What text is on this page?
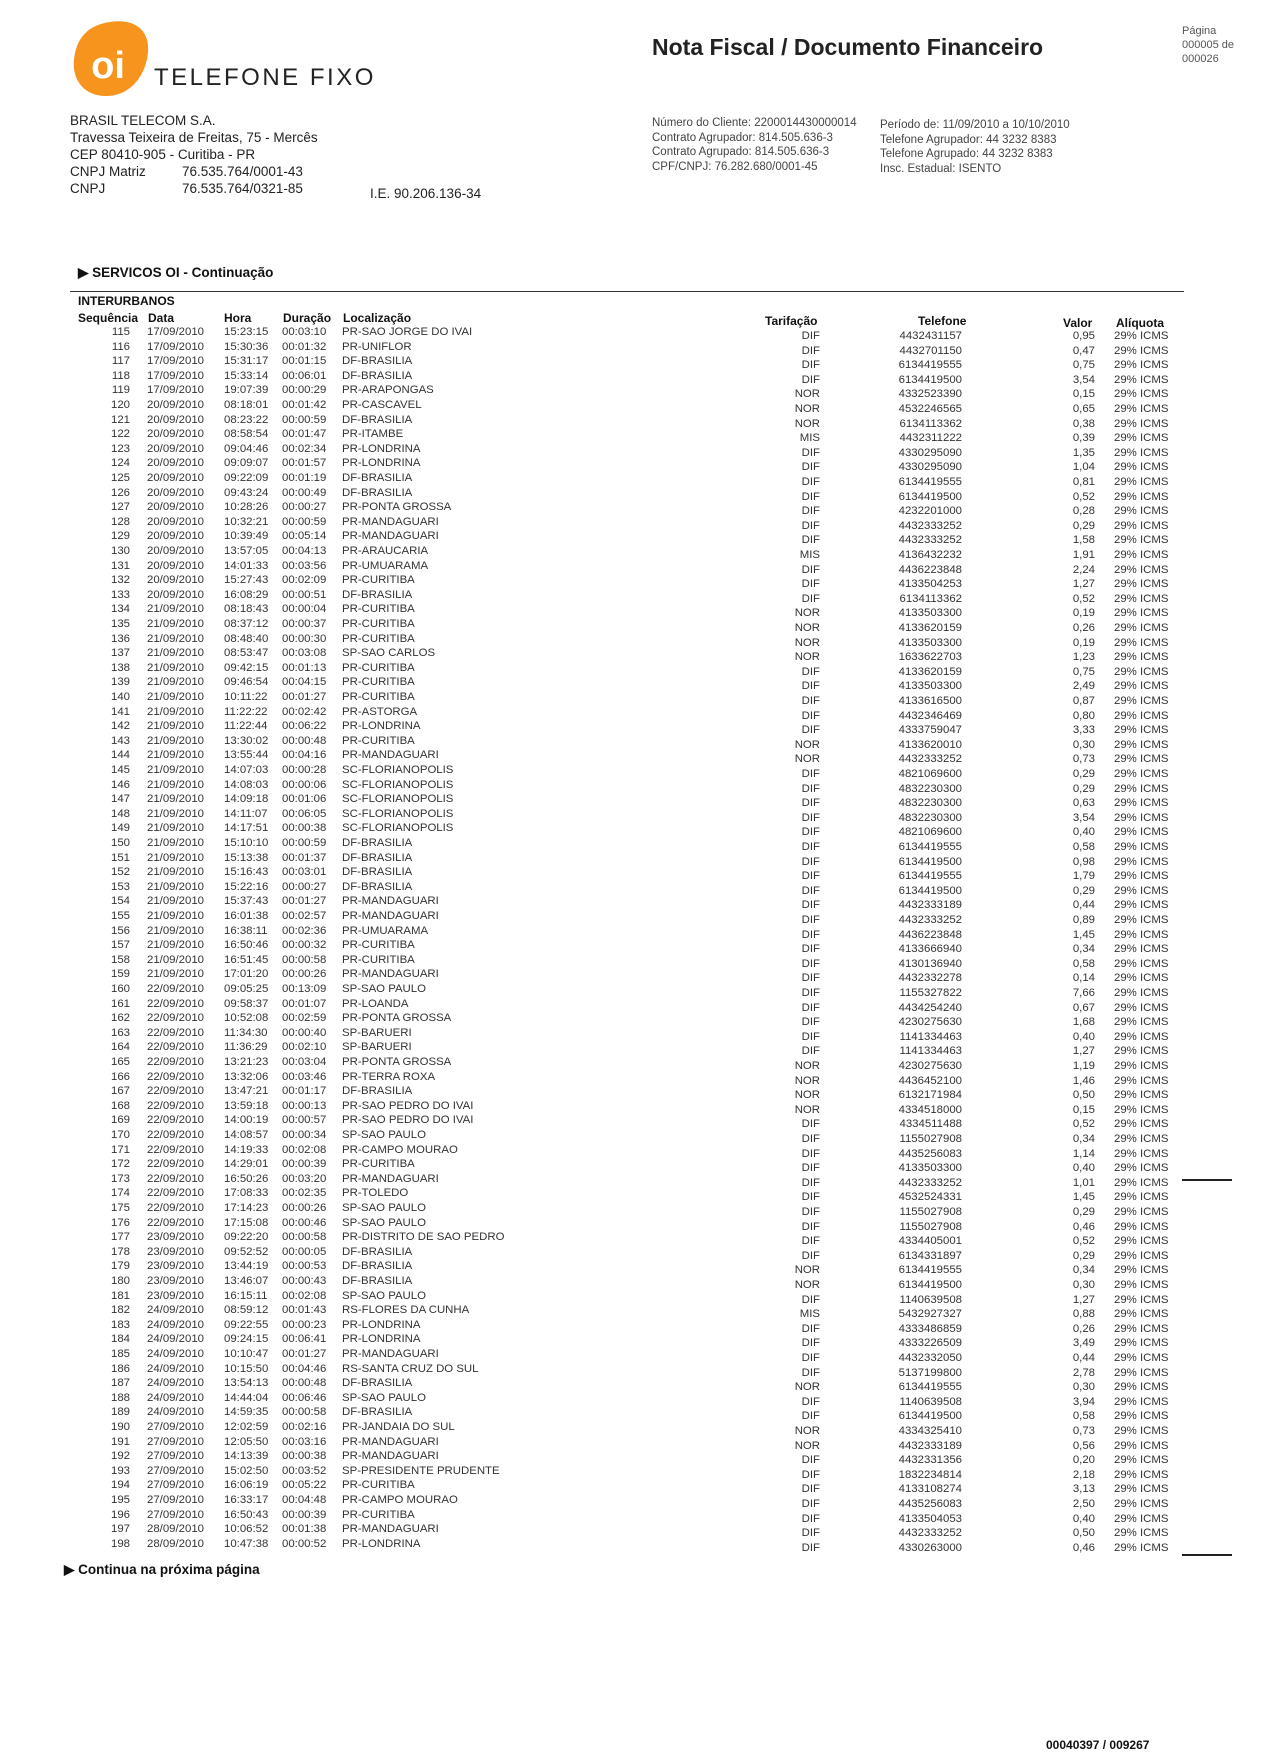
oi TELEFONE FIXO
Nota Fiscal / Documento Financeiro
Página
000005 de
000026
BRASIL TELECOM S.A.
Travessa Teixeira de Freitas, 75 - Mercês
CEP 80410-905 - Curitiba - PR
CNPJ Matriz	76.535.764/0001-43
CNPJ	76.535.764/0321-85	I.E. 90.206.136-34
Número do Cliente: 2200014430000014
Contrato Agrupador: 814.505.636-3
Contrato Agrupado: 814.505.636-3
CPF/CNPJ: 76.282.680/0001-45
Período de: 11/09/2010 a 10/10/2010
Telefone Agrupador: 44 3232 8383
Telefone Agrupado: 44 3232 8383
Insc. Estadual: ISENTO
▶ SERVICOS OI - Continuação
INTERURBANOS
Sequência Data	Hora	Duração Localização	Tarifação	Telefone	Valor Alíquota
115 17/09/2010 15:23:15 00:03:10 PR-SAO JORGE DO IVAI	DIF	4432431157	0,95 29% ICMS
116 17/09/2010 15:30:36 00:01:32 PR-UNIFLOR	DIF	4432701150	0,47 29% ICMS
117 17/09/2010 15:31:17 00:01:15 DF-BRASILIA	DIF	6134419555	0,75 29% ICMS
118 17/09/2010 15:33:14 00:06:01 DF-BRASILIA	DIF	6134419500	3,54 29% ICMS
119 17/09/2010 19:07:39 00:00:29 PR-ARAPONGAS	NOR	4332523390	0,15 29% ICMS
120 20/09/2010 08:18:01 00:01:42 PR-CASCAVEL	NOR	4532246565	0,65 29% ICMS
121 20/09/2010 08:23:22 00:00:59 DF-BRASILIA	NOR	6134113362	0,38 29% ICMS
122 20/09/2010 08:58:54 00:01:47 PR-ITAMBE	MIS	4432311222	0,39 29% ICMS
123 20/09/2010 09:04:46 00:02:34 PR-LONDRINA	DIF	4330295090	1,35 29% ICMS
124 20/09/2010 09:09:07 00:01:57 PR-LONDRINA	DIF	4330295090	1,04 29% ICMS
125 20/09/2010 09:22:09 00:01:19 DF-BRASILIA	DIF	6134419555	0,81 29% ICMS
126 20/09/2010 09:43:24 00:00:49 DF-BRASILIA	DIF	6134419500	0,52 29% ICMS
127 20/09/2010 10:28:26 00:00:27 PR-PONTA GROSSA	DIF	4232201000	0,28 29% ICMS
128 20/09/2010 10:32:21 00:00:59 PR-MANDAGUARI	DIF	4432333252	0,29 29% ICMS
129 20/09/2010 10:39:49 00:05:14 PR-MANDAGUARI	DIF	4432333252	1,58 29% ICMS
130 20/09/2010 13:57:05 00:04:13 PR-ARAUCARIA	MIS	4136432232	1,91 29% ICMS
131 20/09/2010 14:01:33 00:03:56 PR-UMUARAMA	DIF	4436223848	2,24 29% ICMS
132 20/09/2010 15:27:43 00:02:09 PR-CURITIBA	DIF	4133504253	1,27 29% ICMS
133 20/09/2010 16:08:29 00:00:51 DF-BRASILIA	DIF	6134113362	0,52 29% ICMS
134 21/09/2010 08:18:43 00:00:04 PR-CURITIBA	NOR	4133503300	0,19 29% ICMS
135 21/09/2010 08:37:12 00:00:37 PR-CURITIBA	NOR	4133620159	0,26 29% ICMS
136 21/09/2010 08:48:40 00:00:30 PR-CURITIBA	NOR	4133503300	0,19 29% ICMS
137 21/09/2010 08:53:47 00:03:08 SP-SAO CARLOS	NOR	1633622703	1,23 29% ICMS
138 21/09/2010 09:42:15 00:01:13 PR-CURITIBA	DIF	4133620159	0,75 29% ICMS
139 21/09/2010 09:46:54 00:04:15 PR-CURITIBA	DIF	4133503300	2,49 29% ICMS
140 21/09/2010 10:11:22 00:01:27 PR-CURITIBA	DIF	4133616500	0,87 29% ICMS
141 21/09/2010 11:22:22 00:02:42 PR-ASTORGA	DIF	4432346469	0,80 29% ICMS
142 21/09/2010 11:22:44 00:06:22 PR-LONDRINA	DIF	4333759047	3,33 29% ICMS
143 21/09/2010 13:30:02 00:00:48 PR-CURITIBA	NOR	4133620010	0,30 29% ICMS
144 21/09/2010 13:55:44 00:04:16 PR-MANDAGUARI	NOR	4432333252	0,73 29% ICMS
145 21/09/2010 14:07:03 00:00:28 SC-FLORIANOPOLIS	DIF	4821069600	0,29 29% ICMS
146 21/09/2010 14:08:03 00:00:06 SC-FLORIANOPOLIS	DIF	4832230300	0,29 29% ICMS
147 21/09/2010 14:09:18 00:01:06 SC-FLORIANOPOLIS	DIF	4832230300	0,63 29% ICMS
148 21/09/2010 14:11:07 00:06:05 SC-FLORIANOPOLIS	DIF	4832230300	3,54 29% ICMS
149 21/09/2010 14:17:51 00:00:38 SC-FLORIANOPOLIS	DIF	4821069600	0,40 29% ICMS
150 21/09/2010 15:10:10 00:00:59 DF-BRASILIA	DIF	6134419555	0,58 29% ICMS
151 21/09/2010 15:13:38 00:01:37 DF-BRASILIA	DIF	6134419500	0,98 29% ICMS
152 21/09/2010 15:16:43 00:03:01 DF-BRASILIA	DIF	6134419555	1,79 29% ICMS
153 21/09/2010 15:22:16 00:00:27 DF-BRASILIA	DIF	6134419500	0,29 29% ICMS
154 21/09/2010 15:37:43 00:01:27 PR-MANDAGUARI	DIF	4432333189	0,44 29% ICMS
155 21/09/2010 16:01:38 00:02:57 PR-MANDAGUARI	DIF	4432333252	0,89 29% ICMS
156 21/09/2010 16:38:11 00:02:36 PR-UMUARAMA	DIF	4436223848	1,45 29% ICMS
157 21/09/2010 16:50:46 00:00:32 PR-CURITIBA	DIF	4133666940	0,34 29% ICMS
158 21/09/2010 16:51:45 00:00:58 PR-CURITIBA	DIF	4130136940	0,58 29% ICMS
159 21/09/2010 17:01:20 00:00:26 PR-MANDAGUARI	DIF	4432332278	0,14 29% ICMS
160 22/09/2010 09:05:25 00:13:09 SP-SAO PAULO	DIF	1155327822	7,66 29% ICMS
161 22/09/2010 09:58:37 00:01:07 PR-LOANDA	DIF	4434254240	0,67 29% ICMS
162 22/09/2010 10:52:08 00:02:59 PR-PONTA GROSSA	DIF	4230275630	1,68 29% ICMS
163 22/09/2010 11:34:30 00:00:40 SP-BARUERI	DIF	1141334463	0,40 29% ICMS
164 22/09/2010 11:36:29 00:02:10 SP-BARUERI	DIF	1141334463	1,27 29% ICMS
165 22/09/2010 13:21:23 00:03:04 PR-PONTA GROSSA	NOR	4230275630	1,19 29% ICMS
166 22/09/2010 13:32:06 00:03:46 PR-TERRA ROXA	NOR	4436452100	1,46 29% ICMS
167 22/09/2010 13:47:21 00:01:17 DF-BRASILIA	NOR	6132171984	0,50 29% ICMS
168 22/09/2010 13:59:18 00:00:13 PR-SAO PEDRO DO IVAI	NOR	4334518000	0,15 29% ICMS
169 22/09/2010 14:00:19 00:00:57 PR-SAO PEDRO DO IVAI	DIF	4334511488	0,52 29% ICMS
170 22/09/2010 14:08:57 00:00:34 SP-SAO PAULO	DIF	1155027908	0,34 29% ICMS
171 22/09/2010 14:19:33 00:02:08 PR-CAMPO MOURAO	DIF	4435256083	1,14 29% ICMS
172 22/09/2010 14:29:01 00:00:39 PR-CURITIBA	DIF	4133503300	0,40 29% ICMS
173 22/09/2010 16:50:26 00:03:20 PR-MANDAGUARI	DIF	4432333252	1,01 29% ICMS
174 22/09/2010 17:08:33 00:02:35 PR-TOLEDO	DIF	4532524331	1,45 29% ICMS
175 22/09/2010 17:14:23 00:00:26 SP-SAO PAULO	DIF	1155027908	0,29 29% ICMS
176 22/09/2010 17:15:08 00:00:46 SP-SAO PAULO	DIF	1155027908	0,46 29% ICMS
177 23/09/2010 09:22:20 00:00:58 PR-DISTRITO DE SAO PEDRO	DIF	4334405001	0,52 29% ICMS
178 23/09/2010 09:52:52 00:00:05 DF-BRASILIA	DIF	6134331897	0,29 29% ICMS
179 23/09/2010 13:44:19 00:00:53 DF-BRASILIA	NOR	6134419555	0,34 29% ICMS
180 23/09/2010 13:46:07 00:00:43 DF-BRASILIA	NOR	6134419500	0,30 29% ICMS
181 23/09/2010 16:15:11 00:02:08 SP-SAO PAULO	DIF	1140639508	1,27 29% ICMS
182 24/09/2010 08:59:12 00:01:43 RS-FLORES DA CUNHA	MIS	5432927327	0,88 29% ICMS
183 24/09/2010 09:22:55 00:00:23 PR-LONDRINA	DIF	4333486859	0,26 29% ICMS
184 24/09/2010 09:24:15 00:06:41 PR-LONDRINA	DIF	4333226509	3,49 29% ICMS
185 24/09/2010 10:10:47 00:01:27 PR-MANDAGUARI	DIF	4432332050	0,44 29% ICMS
186 24/09/2010 10:15:50 00:04:46 RS-SANTA CRUZ DO SUL	DIF	5137199800	2,78 29% ICMS
187 24/09/2010 13:54:13 00:00:48 DF-BRASILIA	NOR	6134419555	0,30 29% ICMS
188 24/09/2010 14:44:04 00:06:46 SP-SAO PAULO	DIF	1140639508	3,94 29% ICMS
189 24/09/2010 14:59:35 00:00:58 DF-BRASILIA	DIF	6134419500	0,58 29% ICMS
190 27/09/2010 12:02:59 00:02:16 PR-JANDAIA DO SUL	NOR	4334325410	0,73 29% ICMS
191 27/09/2010 12:05:50 00:03:16 PR-MANDAGUARI	NOR	4432333189	0,56 29% ICMS
192 27/09/2010 14:13:39 00:00:38 PR-MANDAGUARI	DIF	4432331356	0,20 29% ICMS
193 27/09/2010 15:02:50 00:03:52 SP-PRESIDENTE PRUDENTE	DIF	1832234814	2,18 29% ICMS
194 27/09/2010 16:06:19 00:05:22 PR-CURITIBA	DIF	4133108274	3,13 29% ICMS
195 27/09/2010 16:33:17 00:04:48 PR-CAMPO MOURAO	DIF	4435256083	2,50 29% ICMS
196 27/09/2010 16:50:43 00:00:39 PR-CURITIBA	DIF	4133504053	0,40 29% ICMS
197 28/09/2010 10:06:52 00:01:38 PR-MANDAGUARI	DIF	4432333252	0,50 29% ICMS
198 28/09/2010 10:47:38 00:00:52 PR-LONDRINA	DIF	4330263000	0,46 29% ICMS
▶ Continua na próxima página
00040397 / 009267
